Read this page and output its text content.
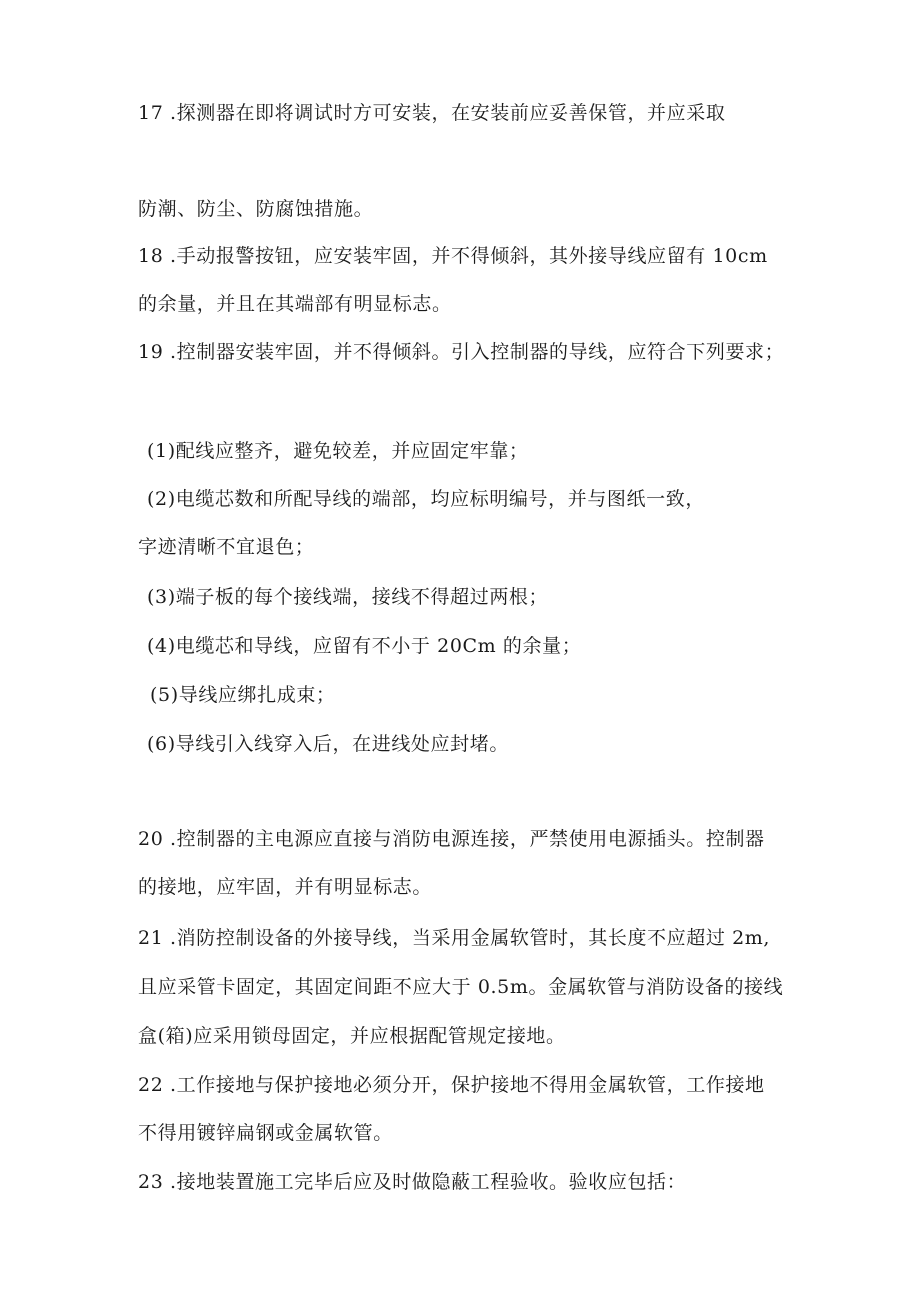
17 .探测器在即将调试时方可安装，在安装前应妥善保管，并应采取
防潮、防尘、防腐蚀措施。
18 .手动报警按钮，应安装牢固，并不得倾斜，其外接导线应留有 10cm
的余量，并且在其端部有明显标志。
19 .控制器安装牢固，并不得倾斜。引入控制器的导线，应符合下列要求；
(1)配线应整齐，避免较差，并应固定牢靠；
(2)电缆芯数和所配导线的端部，均应标明编号，并与图纸一致，
字迹清晰不宜退色；
(3)端子板的每个接线端，接线不得超过两根；
(4)电缆芯和导线，应留有不小于 20Cm 的余量；
(5)导线应绑扎成束；
(6)导线引入线穿入后，在进线处应封堵。
20 .控制器的主电源应直接与消防电源连接，严禁使用电源插头。控制器
的接地，应牢固，并有明显标志。
21 .消防控制设备的外接导线，当采用金属软管时，其长度不应超过 2m,
且应采管卡固定，其固定间距不应大于 0.5m。金属软管与消防设备的接线
盒(箱)应采用锁母固定，并应根据配管规定接地。
22 .工作接地与保护接地必须分开，保护接地不得用金属软管，工作接地
不得用镀锌扁钢或金属软管。
23 .接地装置施工完毕后应及时做隐蔽工程验收。验收应包括：
